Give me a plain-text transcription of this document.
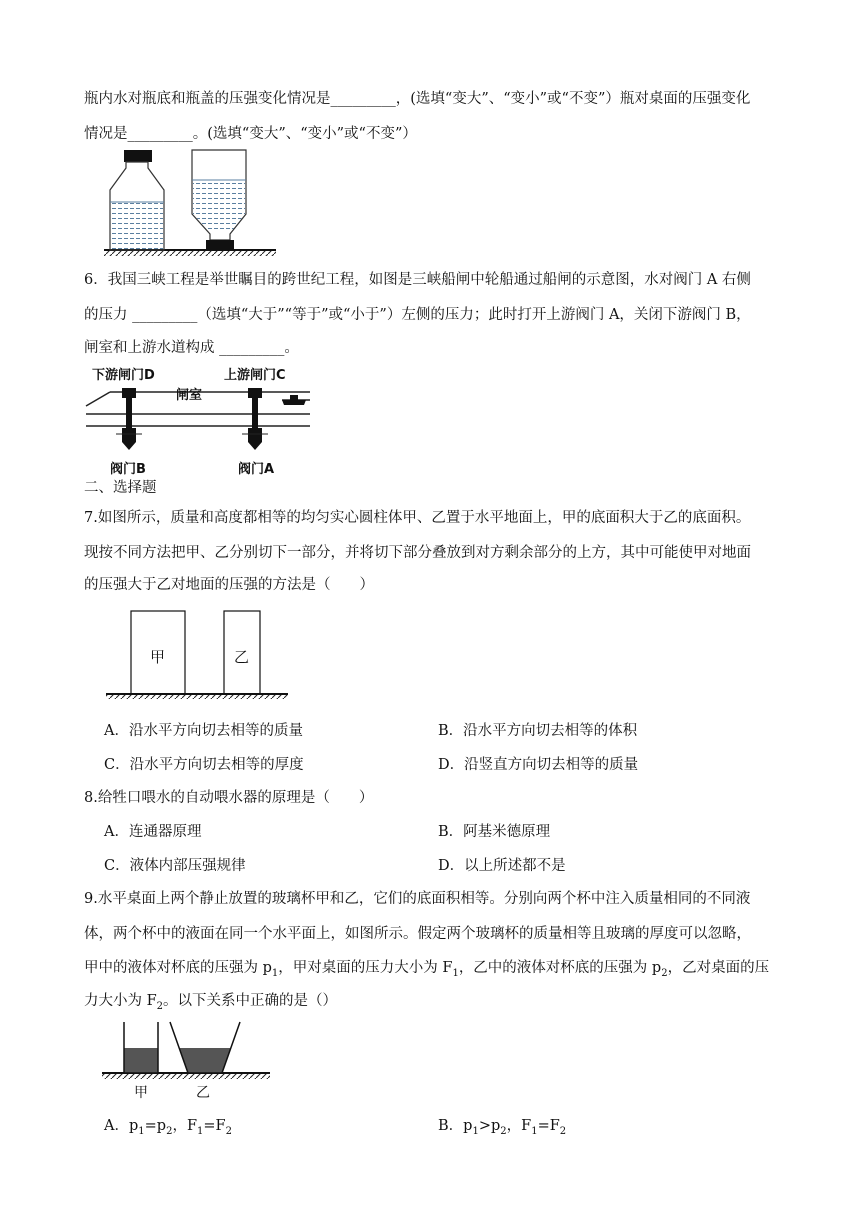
瓶内水对瓶底和瓶盖的压强变化情况是_________，(选填“变大”、“变小”或“不变”）瓶对桌面的压强变化
情况是_________。(选填“变大”、“变小”或“不变”）
6．我国三峡工程是举世瞩目的跨世纪工程，如图是三峡船闸中轮船通过船闸的示意图，水对阀门 A 右侧
的压力 _________（选填“大于”“等于”或“小于”）左侧的压力；此时打开上游阀门 A，关闭下游阀门 B，
闸室和上游水道构成 _________。
下游闸门D
闸室
上游闸门C
阀门B	阀门A
二、选择题
7.如图所示，质量和高度都相等的均匀实心圆柱体甲、乙置于水平地面上，甲的底面积大于乙的底面积。
现按不同方法把甲、乙分别切下一部分，并将切下部分叠放到对方剩余部分的上方，其中可能使甲对地面
的压强大于乙对地面的压强的方法是（　　）
甲	乙
A．沿水平方向切去相等的质量	B．沿水平方向切去相等的体积
C．沿水平方向切去相等的厚度	D．沿竖直方向切去相等的质量
8.给牲口喂水的自动喂水器的原理是（　　）
A．连通器原理	B．阿基米德原理
C．液体内部压强规律	D．以上所述都不是
9.水平桌面上两个静止放置的玻璃杯甲和乙，它们的底面积相等。分别向两个杯中注入质量相同的不同液
体，两个杯中的液面在同一个水平面上，如图所示。假定两个玻璃杯的质量相等且玻璃的厚度可以忽略，
甲中的液体对杯底的压强为 $p_1$，甲对桌面的压力大小为 $F_1$，乙中的液体对杯底的压强为 $p_2$，乙对桌面的压
力大小为 $F_2$。以下关系中正确的是（）
甲	乙
A．$p_1=p_2$，$F_1=F_2$	B．$p_1>p_2$，$F_1=F_2$
